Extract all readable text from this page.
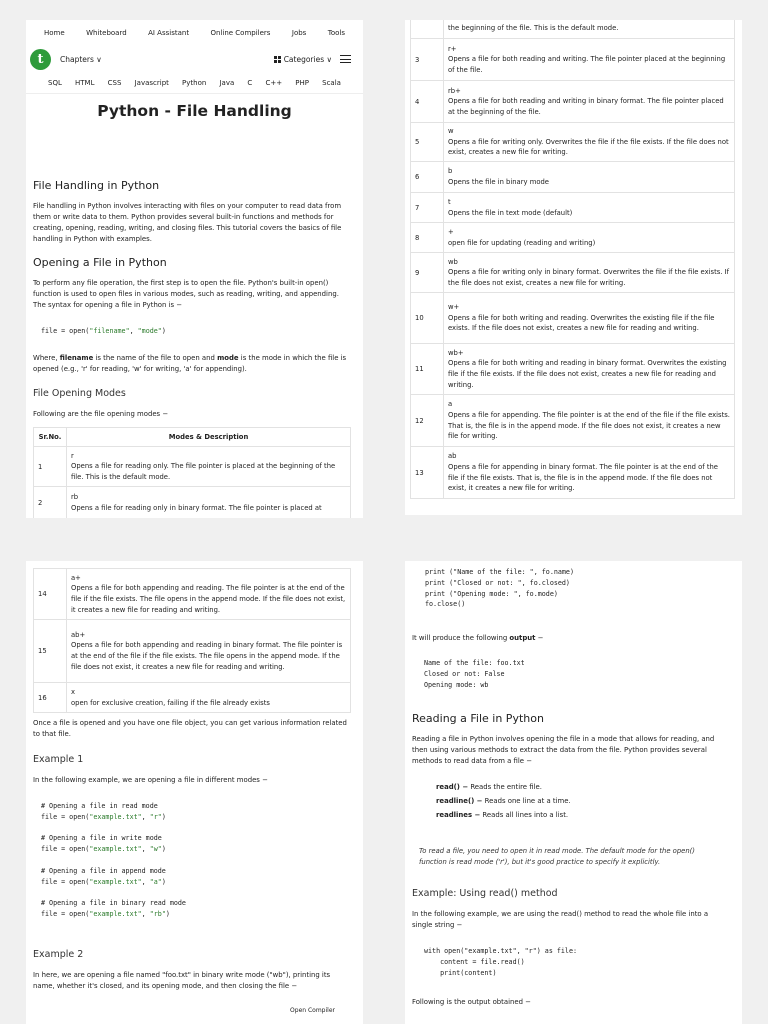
Home	Whiteboard	AI Assistant	Online Compilers	Jobs	Tools
t	Chapters ∨	Categories ∨
SQL HTML CSS Javascript Python Java C C++ PHP Scala
Python - File Handling
File Handling in Python
File handling in Python involves interacting with files on your computer to read data from them or write data to them. Python provides several built-in functions and methods for creating, opening, reading, writing, and closing files. This tutorial covers the basics of file handling in Python with examples.
Opening a File in Python
To perform any file operation, the first step is to open the file. Python's built-in open() function is used to open files in various modes, such as reading, writing, and appending. The syntax for opening a file in Python is −
file = open("filename", "mode")
Where, filename is the name of the file to open and mode is the mode in which the file is opened (e.g., 'r' for reading, 'w' for writing, 'a' for appending).
File Opening Modes
Following are the file opening modes −
Sr.No.	Modes & Description
1	r
Opens a file for reading only. The file pointer is placed at the beginning of the file. This is the default mode.
2	rb
Opens a file for reading only in binary format. The file pointer is placed at
	the beginning of the file. This is the default mode.
3	r+
Opens a file for both reading and writing. The file pointer placed at the beginning of the file.
4	rb+
Opens a file for both reading and writing in binary format. The file pointer placed at the beginning of the file.
5	w
Opens a file for writing only. Overwrites the file if the file exists. If the file does not exist, creates a new file for writing.
6	b
Opens the file in binary mode
7	t
Opens the file in text mode (default)
8	+
open file for updating (reading and writing)
9	wb
Opens a file for writing only in binary format. Overwrites the file if the file exists. If the file does not exist, creates a new file for writing.
10	w+
Opens a file for both writing and reading. Overwrites the existing file if the file exists. If the file does not exist, creates a new file for reading and writing.
11	wb+
Opens a file for both writing and reading in binary format. Overwrites the existing file if the file exists. If the file does not exist, creates a new file for reading and writing.
12	a
Opens a file for appending. The file pointer is at the end of the file if the file exists. That is, the file is in the append mode. If the file does not exist, it creates a new file for writing.
13	ab
Opens a file for appending in binary format. The file pointer is at the end of the file if the file exists. That is, the file is in the append mode. If the file does not exist, it creates a new file for writing.
14	a+
Opens a file for both appending and reading. The file pointer is at the end of the file if the file exists. The file opens in the append mode. If the file does not exist, it creates a new file for reading and writing.
15	ab+
Opens a file for both appending and reading in binary format. The file pointer is at the end of the file if the file exists. The file opens in the append mode. If the file does not exist, it creates a new file for reading and writing.
16	x
open for exclusive creation, failing if the file already exists
Once a file is opened and you have one file object, you can get various information related to that file.
Example 1
In the following example, we are opening a file in different modes −
# Opening a file in read mode
file = open("example.txt", "r")

# Opening a file in write mode
file = open("example.txt", "w")

# Opening a file in append mode
file = open("example.txt", "a")

# Opening a file in binary read mode
file = open("example.txt", "rb")
Example 2
In here, we are opening a file named "foo.txt" in binary write mode ("wb"), printing its name, whether it's closed, and its opening mode, and then closing the file −
Open Compiler
print ("Name of the file: ", fo.name)
print ("Closed or not: ", fo.closed)
print ("Opening mode: ", fo.mode)
fo.close()
It will produce the following output −
Name of the file: foo.txt
Closed or not: False
Opening mode: wb
Reading a File in Python
Reading a file in Python involves opening the file in a mode that allows for reading, and then using various methods to extract the data from the file. Python provides several methods to read data from a file −
read() − Reads the entire file.
readline() − Reads one line at a time.
readlines − Reads all lines into a list.
To read a file, you need to open it in read mode. The default mode for the open() function is read mode ('r'), but it's good practice to specify it explicitly.
Example: Using read() method
In the following example, we are using the read() method to read the whole file into a single string −
with open("example.txt", "r") as file:
content = file.read()
print(content)
Following is the output obtained −
